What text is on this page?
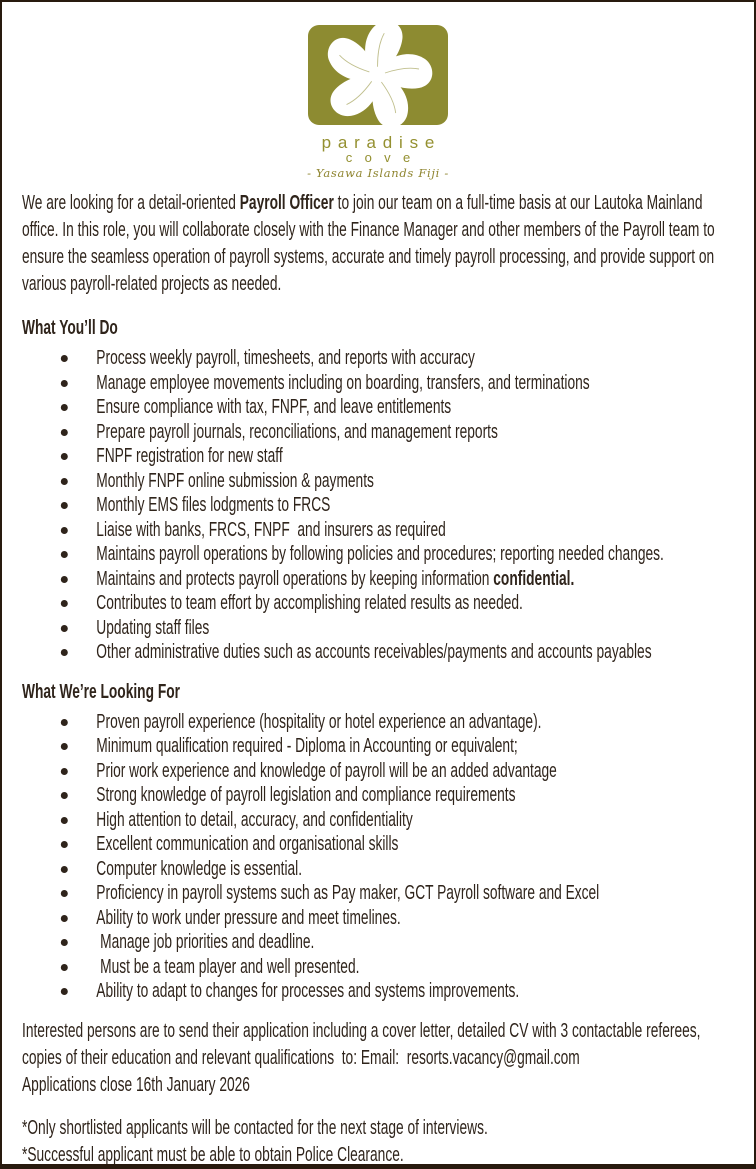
paradise
cove
- Yasawa Islands Fiji -

We are looking for a detail-oriented Payroll Officer to join our team on a full-time basis at our Lautoka Mainland office. In this role, you will collaborate closely with the Finance Manager and other members of the Payroll team to ensure the seamless operation of payroll systems, accurate and timely payroll processing, and provide support on various payroll-related projects as needed.

What You’ll Do
Process weekly payroll, timesheets, and reports with accuracy
Manage employee movements including on boarding, transfers, and terminations
Ensure compliance with tax, FNPF, and leave entitlements
Prepare payroll journals, reconciliations, and management reports
FNPF registration for new staff
Monthly FNPF online submission & payments
Monthly EMS files lodgments to FRCS
Liaise with banks, FRCS, FNPF  and insurers as required
Maintains payroll operations by following policies and procedures; reporting needed changes.
Maintains and protects payroll operations by keeping information confidential.
Contributes to team effort by accomplishing related results as needed.
Updating staff files
Other administrative duties such as accounts receivables/payments and accounts payables
What We’re Looking For
Proven payroll experience (hospitality or hotel experience an advantage).
Minimum qualification required - Diploma in Accounting or equivalent;
Prior work experience and knowledge of payroll will be an added advantage
Strong knowledge of payroll legislation and compliance requirements
High attention to detail, accuracy, and confidentiality
Excellent communication and organisational skills
Computer knowledge is essential.
Proficiency in payroll systems such as Pay maker, GCT Payroll software and Excel
Ability to work under pressure and meet timelines.
Manage job priorities and deadline.
Must be a team player and well presented.
Ability to adapt to changes for processes and systems improvements.

Interested persons are to send their application including a cover letter, detailed CV with 3 contactable referees, copies of their education and relevant qualifications  to: Email:  resorts.vacancy@gmail.com

Applications close 16th January 2026

*Only shortlisted applicants will be contacted for the next stage of interviews.

*Successful applicant must be able to obtain Police Clearance.
